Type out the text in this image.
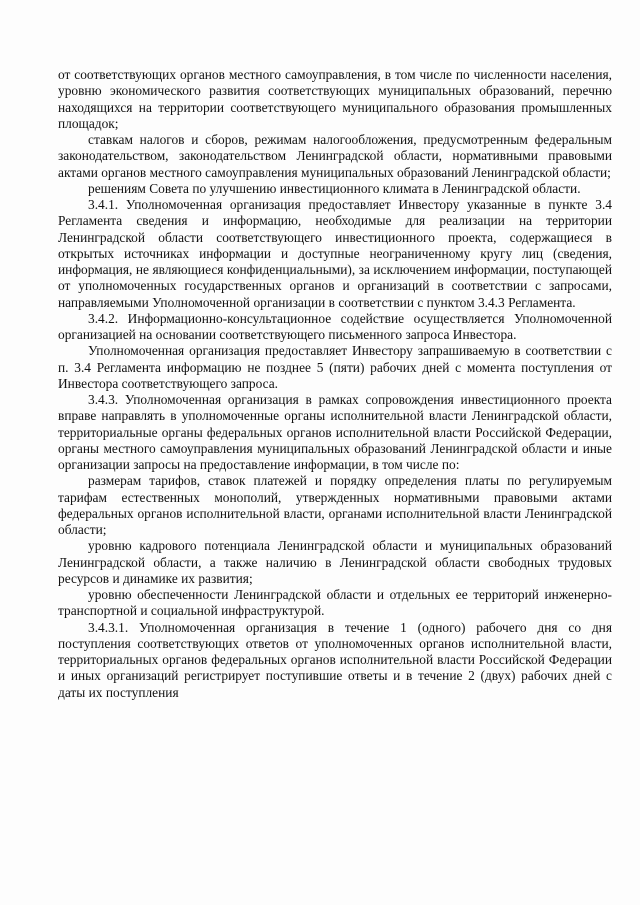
от соответствующих органов местного самоуправления, в том числе по численности населения, уровню экономического развития соответствующих муниципальных образований, перечню находящихся на территории соответствующего муниципального образования промышленных площадок;

ставкам налогов и сборов, режимам налогообложения, предусмотренным федеральным законодательством, законодательством Ленинградской области, нормативными правовыми актами органов местного самоуправления муниципальных образований Ленинградской области;

решениям Совета по улучшению инвестиционного климата в Ленинградской области.

3.4.1. Уполномоченная организация предоставляет Инвестору указанные в пункте 3.4 Регламента сведения и информацию, необходимые для реализации на территории Ленинградской области соответствующего инвестиционного проекта, содержащиеся в открытых источниках информации и доступные неограниченному кругу лиц (сведения, информация, не являющиеся конфиденциальными), за исключением информации, поступающей от уполномоченных государственных органов и организаций в соответствии с запросами, направляемыми Уполномоченной организации в соответствии с пунктом 3.4.3 Регламента.

3.4.2. Информационно-консультационное содействие осуществляется Уполномоченной организацией на основании соответствующего письменного запроса Инвестора.

Уполномоченная организация предоставляет Инвестору запрашиваемую в соответствии с п. 3.4 Регламента информацию не позднее 5 (пяти) рабочих дней с момента поступления от Инвестора соответствующего запроса.

3.4.3. Уполномоченная организация в рамках сопровождения инвестиционного проекта вправе направлять в уполномоченные органы исполнительной власти Ленинградской области, территориальные органы федеральных органов исполнительной власти Российской Федерации, органы местного самоуправления муниципальных образований Ленинградской области и иные организации запросы на предоставление информации, в том числе по:

размерам тарифов, ставок платежей и порядку определения платы по регулируемым тарифам естественных монополий, утвержденных нормативными правовыми актами федеральных органов исполнительной власти, органами исполнительной власти Ленинградской области;

уровню кадрового потенциала Ленинградской области и муниципальных образований Ленинградской области, а также наличию в Ленинградской области свободных трудовых ресурсов и динамике их развития;

уровню обеспеченности Ленинградской области и отдельных ее территорий инженерно-транспортной и социальной инфраструктурой.

3.4.3.1. Уполномоченная организация в течение 1 (одного) рабочего дня со дня поступления соответствующих ответов от уполномоченных органов исполнительной власти, территориальных органов федеральных органов исполнительной власти Российской Федерации и иных организаций регистрирует поступившие ответы и в течение 2 (двух) рабочих дней с даты их поступления
